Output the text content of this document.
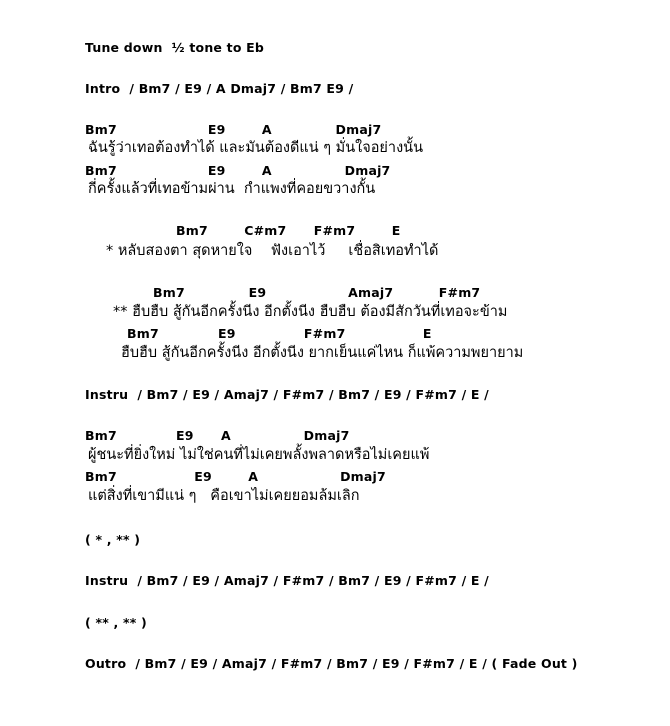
Tune down  ½ tone to Eb
Intro  / Bm7 / E9 / A Dmaj7 / Bm7 E9 /
Bm7                    E9        A              Dmaj7
ฉันรู้ว่าเทอต้องทำได้ และมันต้องดีแน่ ๆ มั่นใจอย่างนั้น
Bm7                    E9        A                Dmaj7
กี่ครั้งแล้วที่เทอข้ามผ่าน  กำแพงที่คอยขวางกั้น
Bm7        C#m7      F#m7        E
* หลับสองตา สุดหายใจ    ฟังเอาไว้     เชื่อสิเทอทำได้
Bm7              E9                  Amaj7          F#m7
** ฮืบฮืบ สู้กันอีกครั้งนีง อีกตั้งนีง ฮืบฮืบ ต้องมีสักวันที่เทอจะข้าม
Bm7             E9               F#m7                 E
ฮืบฮืบ สู้กันอีกครั้งนีง อีกตั้งนีง ยากเย็นแค่ไหน ก็แพ้ความพยายาม
Instru  / Bm7 / E9 / Amaj7 / F#m7 / Bm7 / E9 / F#m7 / E /
Bm7             E9      A                Dmaj7
ผู้ชนะที่ยิ่งใหม่ ไม่ใช่คนที่ไม่เคยพลั้งพลาดหรือไม่เคยแพ้
Bm7                 E9        A                  Dmaj7
แต่สิ่งที่เขามีแน่ ๆ   คือเขาไม่เคยยอมล้มเลิก
( * , ** )
Instru  / Bm7 / E9 / Amaj7 / F#m7 / Bm7 / E9 / F#m7 / E /
( ** , ** )
Outro  / Bm7 / E9 / Amaj7 / F#m7 / Bm7 / E9 / F#m7 / E / ( Fade Out )
